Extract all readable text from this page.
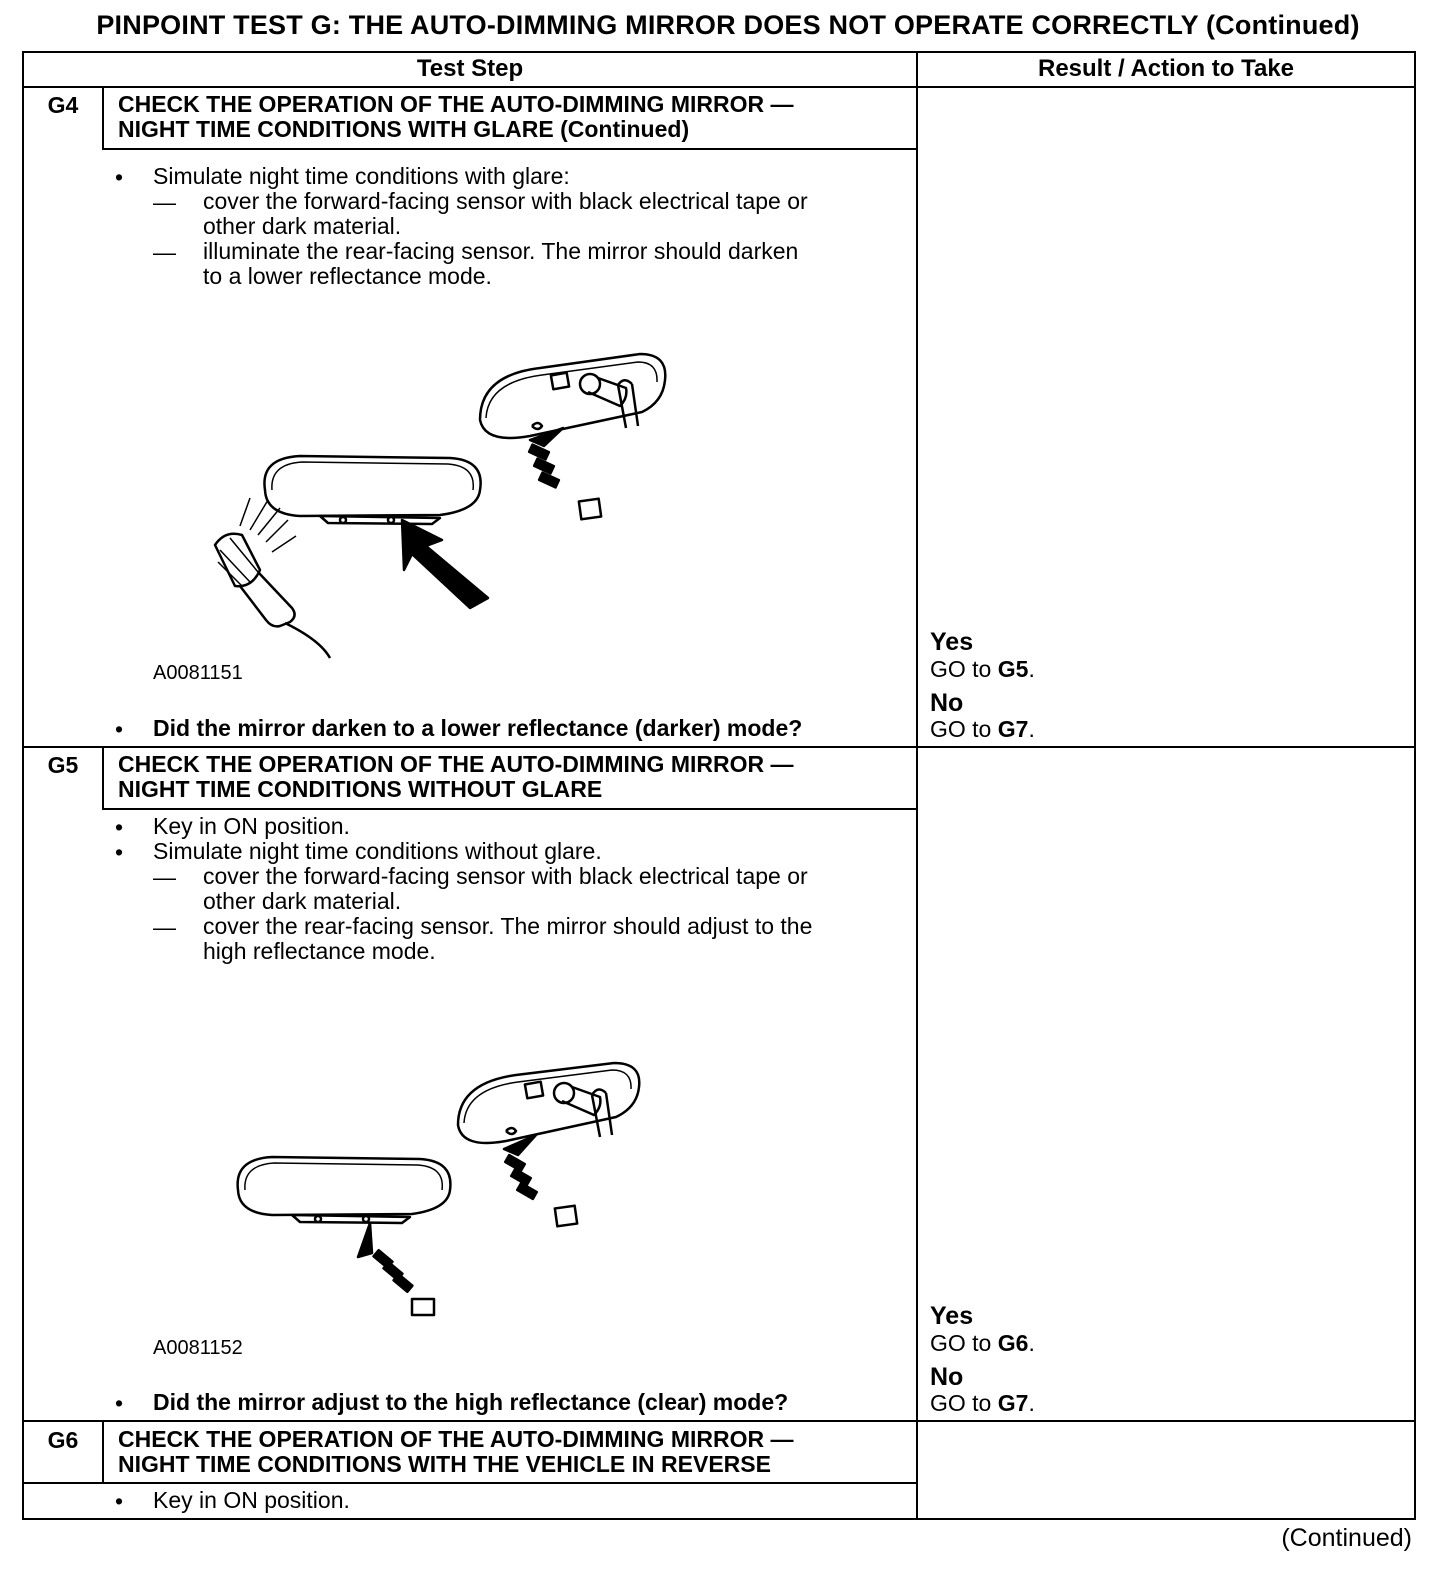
PINPOINT TEST G: THE AUTO-DIMMING MIRROR DOES NOT OPERATE CORRECTLY (Continued)
Test Step	Result / Action to Take
G4	CHECK THE OPERATION OF THE AUTO-DIMMING MIRROR —
NIGHT TIME CONDITIONS WITH GLARE (Continued)
• Simulate night time conditions with glare:
— cover the forward-facing sensor with black electrical tape or
other dark material.
— illuminate the rear-facing sensor. The mirror should darken
to a lower reflectance mode.
A0081151
• Did the mirror darken to a lower reflectance (darker) mode?
Yes
GO to G5.
No
GO to G7.
G5	CHECK THE OPERATION OF THE AUTO-DIMMING MIRROR —
NIGHT TIME CONDITIONS WITHOUT GLARE
• Key in ON position.
• Simulate night time conditions without glare.
— cover the forward-facing sensor with black electrical tape or
other dark material.
— cover the rear-facing sensor. The mirror should adjust to the
high reflectance mode.
A0081152
• Did the mirror adjust to the high reflectance (clear) mode?
Yes
GO to G6.
No
GO to G7.
G6	CHECK THE OPERATION OF THE AUTO-DIMMING MIRROR —
NIGHT TIME CONDITIONS WITH THE VEHICLE IN REVERSE
• Key in ON position.
(Continued)
